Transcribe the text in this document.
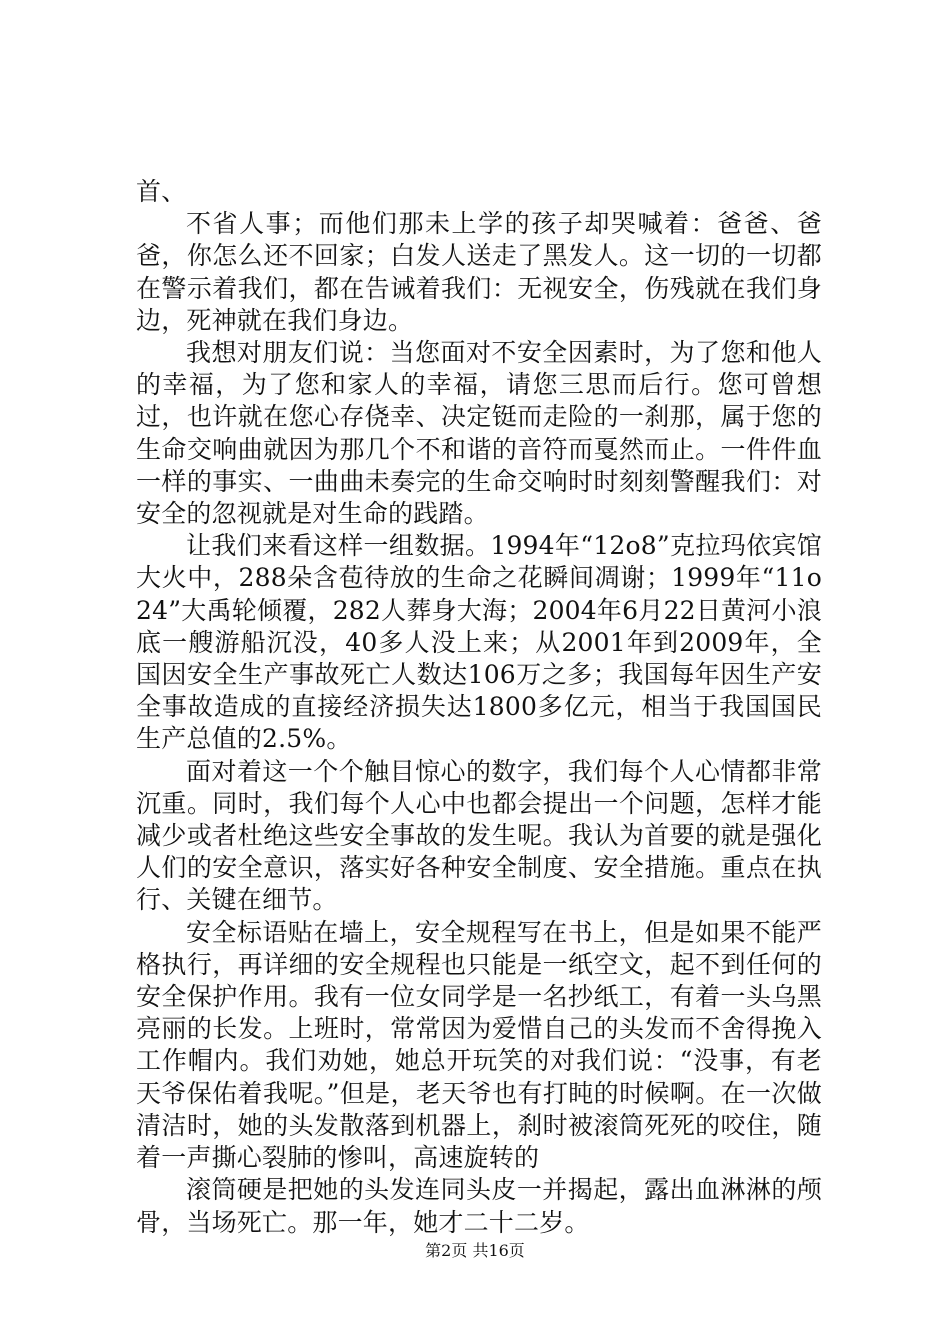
首、

不省人事；而他们那未上学的孩子却哭喊着：爸爸、爸爸，你怎么还不回家；白发人送走了黑发人。这一切的一切都在警示着我们，都在告诫着我们：无视安全，伤残就在我们身边，死神就在我们身边。

我想对朋友们说：当您面对不安全因素时，为了您和他人的幸福，为了您和家人的幸福，请您三思而后行。您可曾想过，也许就在您心存侥幸、决定铤而走险的一刹那，属于您的生命交响曲就因为那几个不和谐的音符而戛然而止。一件件血一样的事实、一曲曲未奏完的生命交响时时刻刻警醒我们：对安全的忽视就是对生命的践踏。

让我们来看这样一组数据。1994年“12o8”克拉玛依宾馆大火中，288朵含苞待放的生命之花瞬间凋谢；1999年“11o24”大禹轮倾覆，282人葬身大海；2004年6月22日黄河小浪底一艘游船沉没，40多人没上来；从2001年到2009年，全国因安全生产事故死亡人数达106万之多；我国每年因生产安全事故造成的直接经济损失达1800多亿元，相当于我国国民生产总值的2.5%。

面对着这一个个触目惊心的数字，我们每个人心情都非常沉重。同时，我们每个人心中也都会提出一个问题，怎样才能减少或者杜绝这些安全事故的发生呢。我认为首要的就是强化人们的安全意识，落实好各种安全制度、安全措施。重点在执行、关键在细节。

安全标语贴在墙上，安全规程写在书上，但是如果不能严格执行，再详细的安全规程也只能是一纸空文，起不到任何的安全保护作用。我有一位女同学是一名抄纸工，有着一头乌黑亮丽的长发。上班时，常常因为爱惜自己的头发而不舍得挽入工作帽内。我们劝她，她总开玩笑的对我们说：“没事，有老天爷保佑着我呢。”但是，老天爷也有打盹的时候啊。在一次做清洁时，她的头发散落到机器上，刹时被滚筒死死的咬住，随着一声撕心裂肺的惨叫，高速旋转的

滚筒硬是把她的头发连同头皮一并揭起，露出血淋淋的颅骨，当场死亡。那一年，她才二十二岁。

第2页 共16页
